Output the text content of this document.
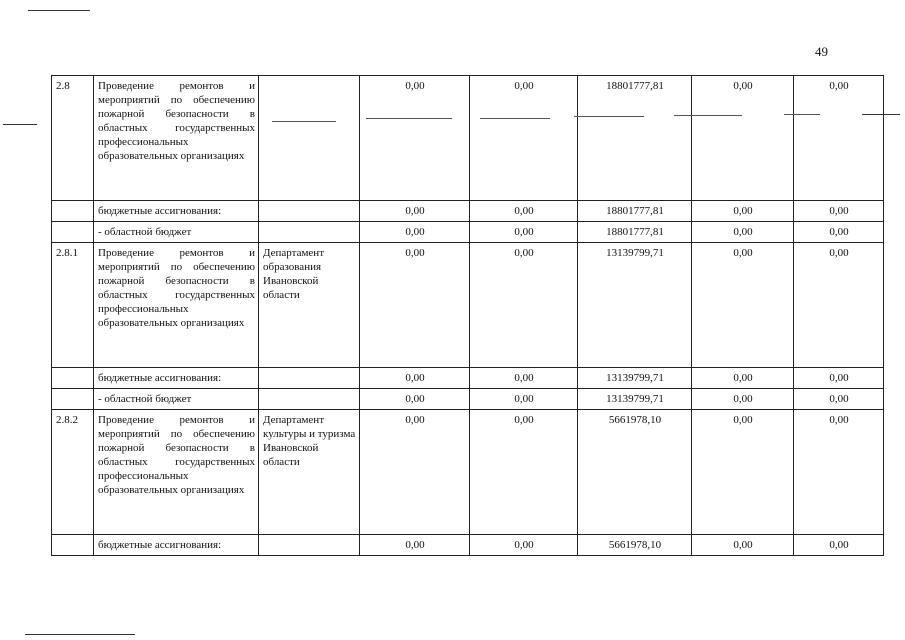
49
2.8	Проведение ремонтов и мероприятий по обеспечению пожарной безопасности в областных государственных профессиональных образовательных организациях		0,00	0,00	18801777,81	0,00	0,00
	бюджетные ассигнования:		0,00	0,00	18801777,81	0,00	0,00
	- областной бюджет		0,00	0,00	18801777,81	0,00	0,00
2.8.1	Проведение ремонтов и мероприятий по обеспечению пожарной безопасности в областных государственных профессиональных образовательных организациях	Департамент образования Ивановской области	0,00	0,00	13139799,71	0,00	0,00
	бюджетные ассигнования:		0,00	0,00	13139799,71	0,00	0,00
	- областной бюджет		0,00	0,00	13139799,71	0,00	0,00
2.8.2	Проведение ремонтов и мероприятий по обеспечению пожарной безопасности в областных государственных профессиональных образовательных организациях	Департамент культуры и туризма Ивановской области	0,00	0,00	5661978,10	0,00	0,00
	бюджетные ассигнования:		0,00	0,00	5661978,10	0,00	0,00
